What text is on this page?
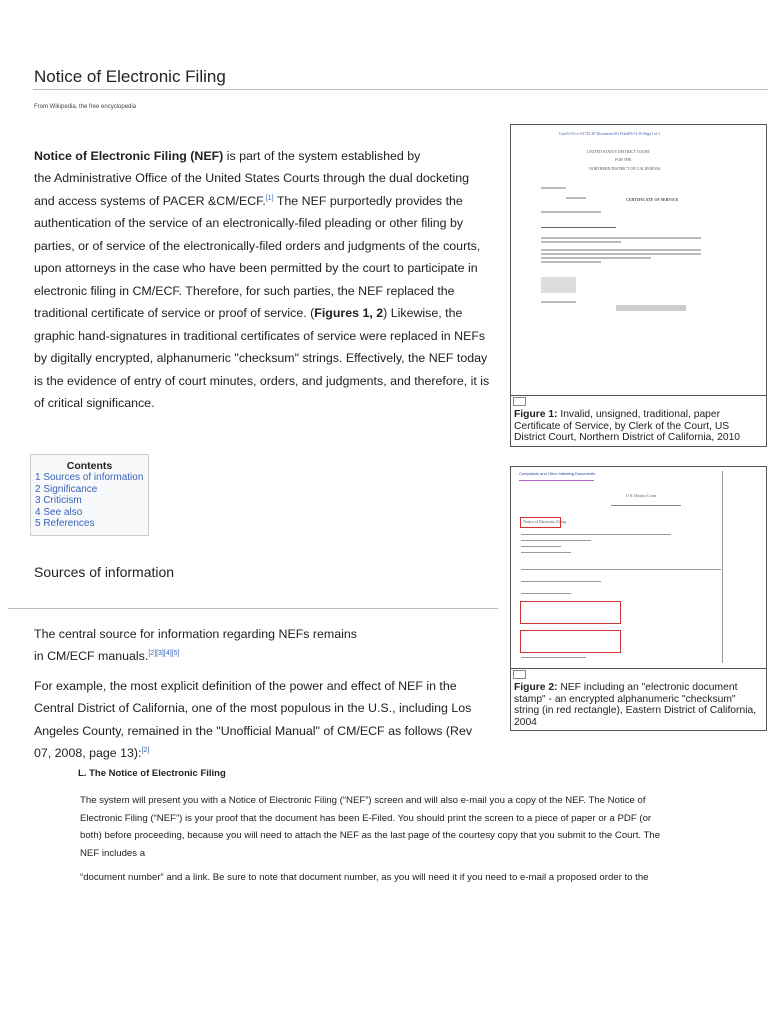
Notice of Electronic Filing
From Wikipedia, the free encyclopedia
Notice of Electronic Filing (NEF) is part of the system established by
the Administrative Office of the United States Courts through the dual docketing
and access systems of PACER &CM/ECF.[1] The NEF purportedly provides the
authentication of the service of an electronically-filed pleading or other filing by
parties, or of service of the electronically-filed orders and judgments of the courts,
upon attorneys in the case who have been permitted by the court to participate in
electronic filing in CM/ECF. Therefore, for such parties, the NEF replaced the
traditional certificate of service or proof of service. (Figures 1, 2) Likewise, the
graphic hand-signatures in traditional certificates of service were replaced in NEFs
by digitally encrypted, alphanumeric "checksum" strings. Effectively, the NEF today
is the evidence of entry of court minutes, orders, and judgments, and therefore, it is
of critical significance.
Contents
1 Sources of information
2 Significance
3 Criticism
4 See also
5 References
Sources of information
The central source for information regarding NEFs remains
in CM/ECF manuals.[2][3][4][5]
For example, the most explicit definition of the power and effect of NEF in the
Central District of California, one of the most populous in the U.S., including Los
Angeles County, remained in the "Unofficial Manual" of CM/ECF as follows (Rev
07, 2008, page 13):[2]
L. The Notice of Electronic Filing
The system will present you with a Notice of Electronic Filing (“NEF”) screen and will also e-mail you a copy of the NEF. The Notice of
Electronic Filing (“NEF”) is your proof that the document has been E-Filed. You should print the screen to a piece of paper or a PDF (or
both) before proceeding, because you will need to attach the NEF as the last page of the courtesy copy that you submit to the Court. The
NEF includes a
“document number” and a link. Be sure to note that document number, as you will need it if you need to e-mail a proposed order to the
Case5:10-cv-01725-JF Document101 Filed05/11/10 Page1 of 1
UNITED STATES DISTRICT COURT
FOR THE
NORTHERN DISTRICT OF CALIFORNIA
CERTIFICATE OF SERVICE
Figure 1: Invalid, unsigned, traditional, paper Certificate of Service, by Clerk of the Court, US District Court, Northern District of California, 2010
Complaints and Other Initiating Documents
U.S. District Court
Notice of Electronic Filing
Figure 2: NEF including an "electronic document stamp" - an encrypted alphanumeric "checksum" string (in red rectangle), Eastern District of California, 2004
